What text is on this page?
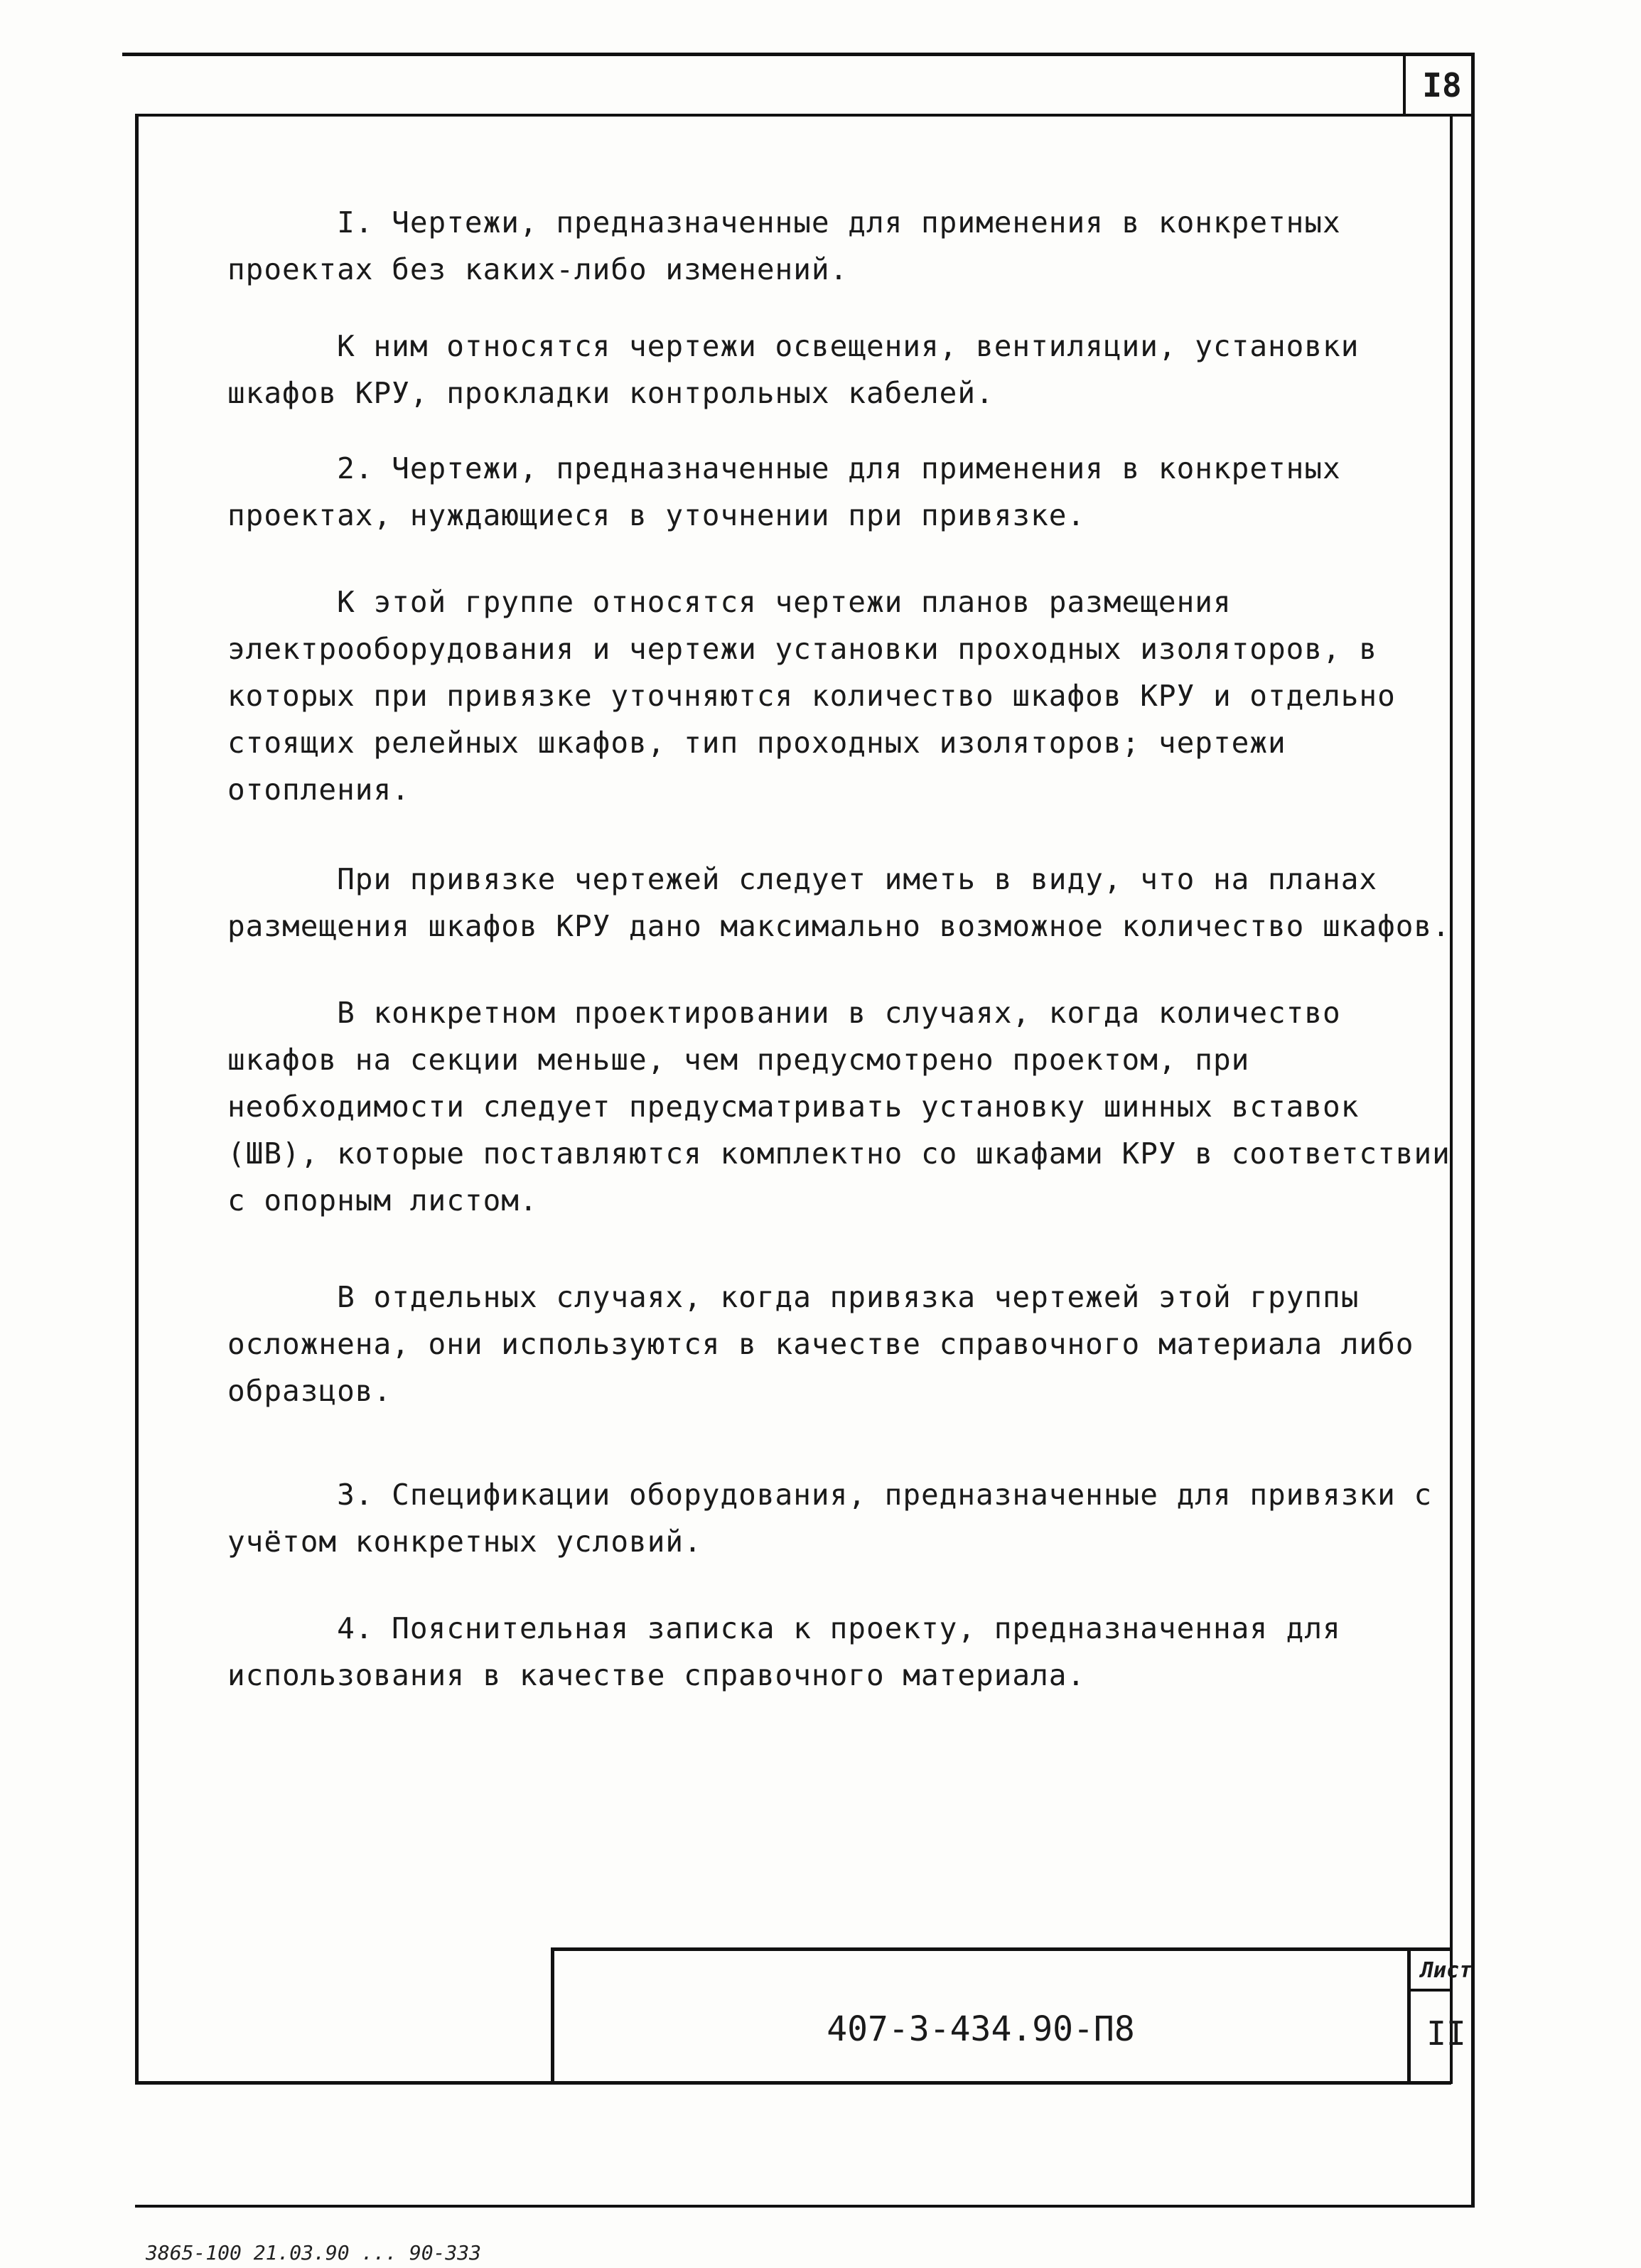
I8

I. Чертежи, предназначенные для применения в конкретных проектах без каких-либо изменений.

К ним относятся чертежи освещения, вентиляции, установки шкафов КРУ, прокладки контрольных кабелей.

2. Чертежи, предназначенные для применения в конкретных проектах, нуждающиеся в уточнении при привязке.

К этой группе относятся чертежи планов размещения электрооборудования и чертежи установки проходных изоляторов, в которых при привязке уточняются количество шкафов КРУ и отдельно стоящих релейных шкафов, тип проходных изоляторов; чертежи отопления.

При привязке чертежей следует иметь в виду, что на планах размещения шкафов КРУ дано максимально возможное количество шкафов.

В конкретном проектировании в случаях, когда количество шкафов на секции меньше, чем предусмотрено проектом, при необходимости следует предусматривать установку шинных вставок (ШВ), которые поставляются комплектно со шкафами КРУ в соответствии с опорным листом.

В отдельных случаях, когда привязка чертежей этой группы осложнена, они используются в качестве справочного материала либо образцов.

3. Спецификации оборудования, предназначенные для привязки с учётом конкретных условий.

4. Пояснительная записка к проекту, предназначенная для использования в качестве справочного материала.

407-3-434.90-П8
Лист
II
3865-100 21.03.90 ... 90-333
